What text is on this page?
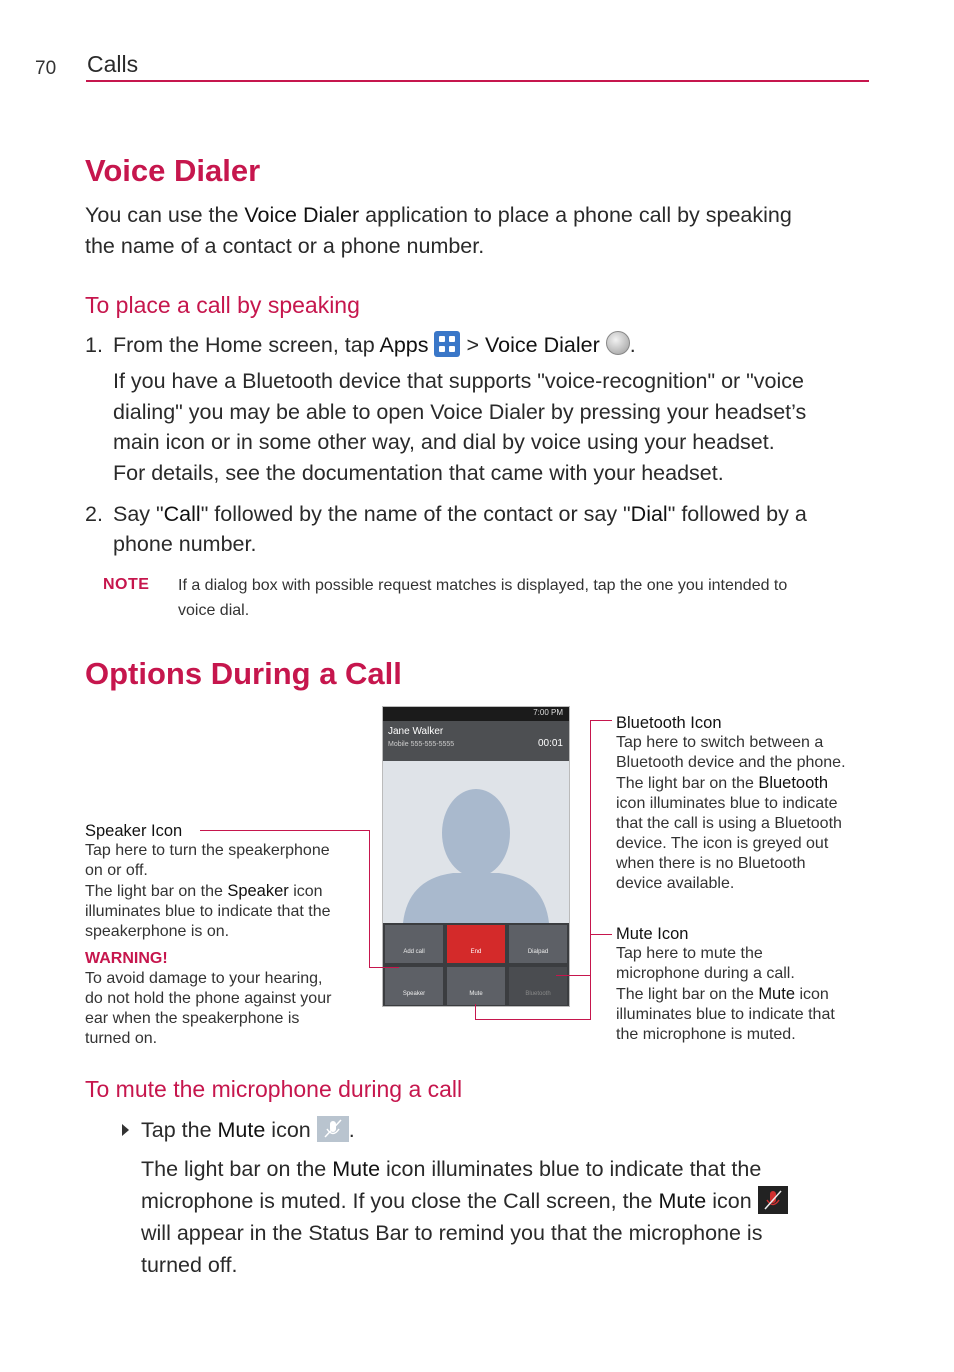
70 Calls
Voice Dialer
You can use the Voice Dialer application to place a phone call by speaking
the name of a contact or a phone number.
To place a call by speaking
1. From the Home screen, tap Apps
> Voice Dialer .
If you have a Bluetooth device that supports "voice-recognition" or "voice
dialing" you may be able to open Voice Dialer by pressing your headset’s
main icon or in some other way, and dial by voice using your headset.
For details, see the documentation that came with your headset.
2. Say "Call" followed by the name of the contact or say "Dial" followed by a
phone number.
NOTE If a dialog box with possible request matches is displayed, tap the one you intended to
voice dial.
Options During a Call
7:00 PM
Jane Walker
Mobile 555-555-5555	00:01
Add call	End	Dialpad
Speaker	Mute	Bluetooth
Bluetooth Icon
Tap here to switch between a
Bluetooth device and the phone.
The light bar on the Bluetooth
icon illuminates blue to indicate
that the call is using a Bluetooth
device. The icon is greyed out
when there is no Bluetooth
device available.
Speaker Icon
Tap here to turn the speakerphone
on or off.
The light bar on the Speaker icon
illuminates blue to indicate that the
speakerphone is on.
WARNING!
To avoid damage to your hearing,
do not hold the phone against your
ear when the speakerphone is
turned on.
Mute Icon
Tap here to mute the
microphone during a call.
The light bar on the Mute icon
illuminates blue to indicate that
the microphone is muted.
To mute the microphone during a call
Tap the Mute icon .
The light bar on the Mute icon illuminates blue to indicate that the
microphone is muted. If you close the Call screen, the Mute icon
will appear in the Status Bar to remind you that the microphone is
turned off.
